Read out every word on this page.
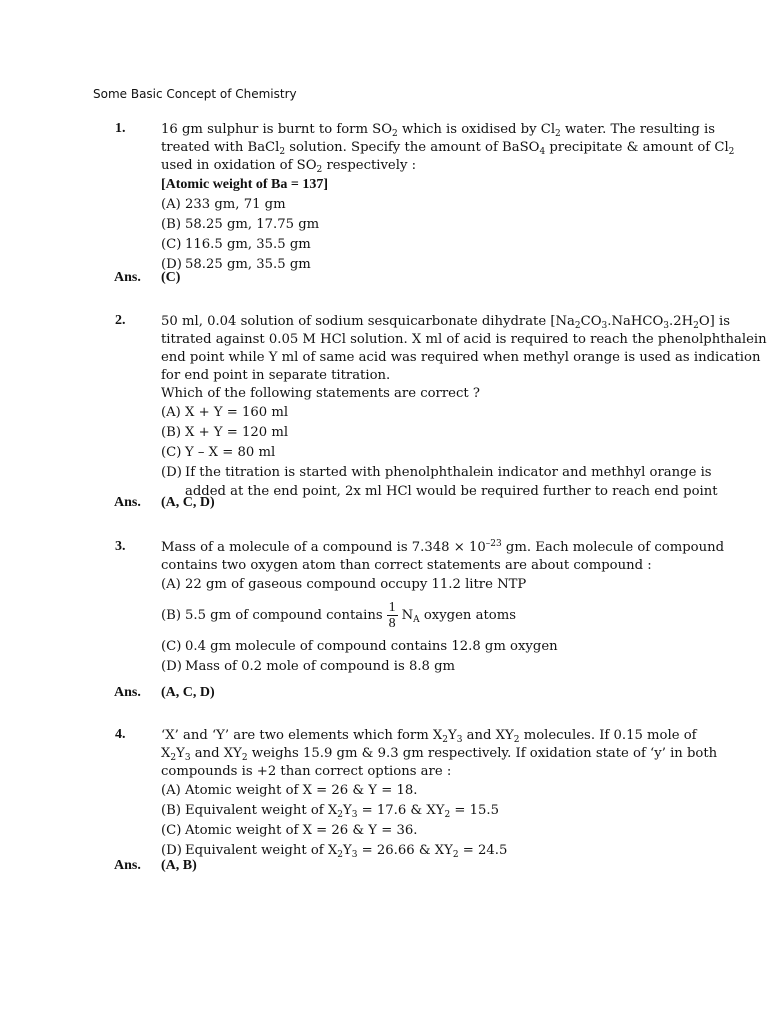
Some Basic Concept of Chemistry
1.	16 gm sulphur is burnt to form $SO_2$ which is oxidised by $Cl_2$ water. The resulting is
treated with BaCl$_2$ solution. Specify the amount of BaSO$_4$ precipitate & amount of $Cl_2$
used in oxidation of $SO_2$ respectively :
[Atomic weight of Ba = 137]
(A) 233 gm, 71 gm
(B) 58.25 gm, 17.75 gm
(C) 116.5 gm, 35.5 gm
(D) 58.25 gm, 35.5 gm
Ans. (C)
2.	50 ml, 0.04 solution of sodium sesquicarbonate dihydrate $[Na_2CO_3.NaHCO_3.2H_2O]$ is
titrated against 0.05 M HCl solution. X ml of acid is required to reach the phenolphthalein
end point while Y ml of same acid was required when methyl orange is used as indication
for end point in separate titration.
Which of the following statements are correct ?
(A) X + Y = 160 ml
(B) X + Y = 120 ml
(C) Y – X = 80 ml
(D) If the titration is started with phenolphthalein indicator and methhyl orange is
added at the end point, 2x ml HCl would be required further to reach end point
Ans. (A, C, D)
3.	Mass of a molecule of a compound is $7.348 \times 10^{-23}$ gm. Each molecule of compound
contains two oxygen atom than correct statements are about compound :
(A) 22 gm of gaseous compound occupy 11.2 litre NTP
(B) 5.5 gm of compound contains $\frac{1}{8} N_A$ oxygen atoms
(C) 0.4 gm molecule of compound contains 12.8 gm oxygen
(D) Mass of 0.2 mole of compound is 8.8 gm
Ans. (A, C, D)
4.	‘X’ and ‘Y’ are two elements which form $X_2Y_3$ and $XY_2$ molecules. If 0.15 mole of
$X_2Y_3$ and $XY_2$ weighs 15.9 gm & 9.3 gm respectively. If oxidation state of ‘y’ in both
compounds is +2 than correct options are :
(A) Atomic weight of X = 26 & Y = 18.
(B) Equivalent weight of $X_2Y_3 = 17.6$ & $XY_2 = 15.5$
(C) Atomic weight of X = 26 & Y = 36.
(D) Equivalent weight of $X_2Y_3 = 26.66$ & $XY_2 = 24.5$
Ans. (A, B)
